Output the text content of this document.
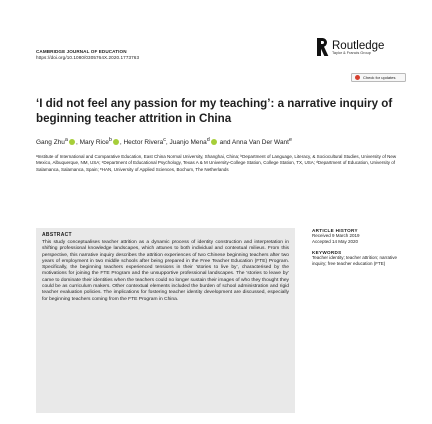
CAMBRIDGE JOURNAL OF EDUCATION
https://doi.org/10.1080/0305764X.2020.1773763
Routledge
Taylor & Francis Group
Check for updates
‘I did not feel any passion for my teaching’: a narrative inquiry of beginning teacher attrition in China
Gang Zhu$^a$ , Mary Rice$^b$ , Hector Rivera$^c$, Juanjo Mena$^d$ and Anna Van Der Want$^e$
ᵃInstitute of International and Comparative Education, East China Normal University, Shanghai, China; ᵇDepartment of Language, Literacy, & Sociocultural Studies, University of New Mexico, Albuquerque, NM, USA; ᶜDepartment of Educational Psychology, Texas A & M University-College Station, College Station, TX, USA; ᵈDepartment of Education, University of Salamanca, Salamanca, Spain; ᵉHAN, University of Applied Sciences, Bochum, The Netherlands
ABSTRACT

This study conceptualises teacher attrition as a dynamic process of identity construction and interpretation in shifting professional knowledge landscapes, which attunes to both individual and contextual milieus. From this perspective, this narrative inquiry describes the attrition experiences of two Chinese beginning teachers after two years of employment in two middle schools after being prepared in the Free Teacher Education (FTE) Program. Specifically, the beginning teachers experienced tensions in their ‘stories to live by’, characterised by the motivations for joining the FTE Program and the unsupportive professional landscapes. The ‘stories to leave by’ came to dominate their identities when the teachers could no longer sustain their images of who they thought they could be as curriculum makers. Other contextual elements included the burden of school administration and rigid teacher evaluation policies. The implications for fostering teacher identity development are discussed, especially for beginning teachers coming from the FTE Program in China.

ARTICLE HISTORY
Received 9 March 2019
Accepted 14 May 2020
KEYWORDS
Teacher identity; teacher attrition; narrative inquiry; free teacher education (FTE)
